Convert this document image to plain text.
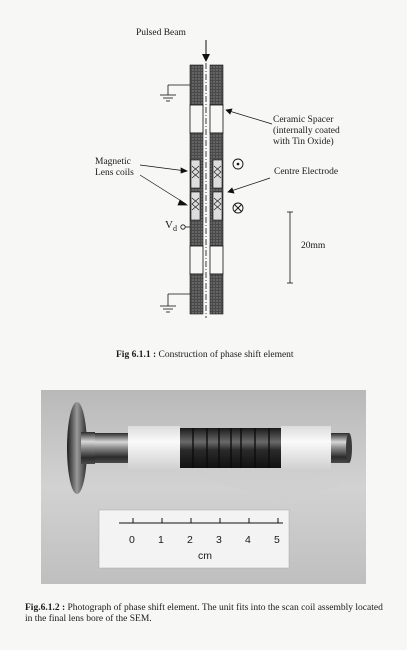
Pulsed Beam
Ceramic Spacer
(internally coated
with Tin Oxide)
Magnetic
Lens coils	Centre Electrode
$V_d$
20mm
Fig 6.1.1 : Construction of phase shift element
0 1 2 3 4 5
cm
Fig.6.1.2 : Photograph of phase shift element. The unit fits into the scan coil assembly located in the final lens bore of the SEM.
